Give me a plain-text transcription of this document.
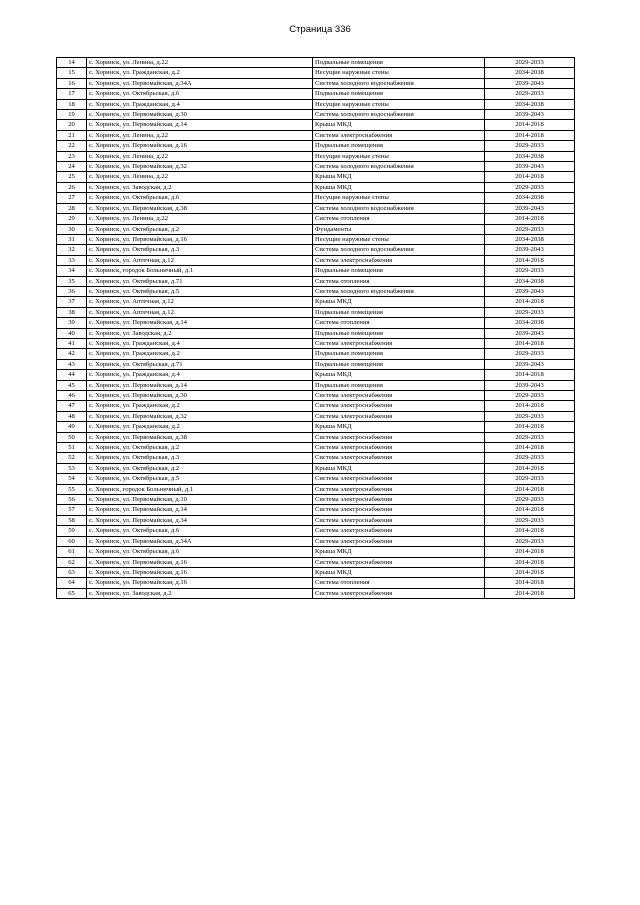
Страница 336
14	с. Хоринск, ул. Ленина, д.22	Подвальные помещения	2029-2033
15	с. Хоринск, ул. Гражданская, д.2	Несущие наружные стены	2034-2038
16	с. Хоринск, ул. Первомайская, д.34А	Система холодного водоснабжения	2039-2043
17	с. Хоринск, ул. Октябрьская, д.6	Подвальные помещения	2029-2033
18	с. Хоринск, ул. Гражданская, д.4	Несущие наружные стены	2034-2038
19	с. Хоринск, ул. Первомайская, д.30	Система холодного водоснабжения	2039-2043
20	с. Хоринск, ул. Первомайская, д.14	Крыша МКД	2014-2018
21	с. Хоринск, ул. Ленина, д.22	Система электроснабжения	2014-2018
22	с. Хоринск, ул. Первомайская, д.16	Подвальные помещения	2029-2033
23	с. Хоринск, ул. Ленина, д.22	Несущие наружные стены	2034-2038
24	с. Хоринск, ул. Первомайская, д.32	Система холодного водоснабжения	2039-2043
25	с. Хоринск, ул. Ленина, д.22	Крыша МКД	2014-2018
26	с. Хоринск, ул. Заводская, д.2	Крыша МКД	2029-2033
27	с. Хоринск, ул. Октябрьская, д.6	Несущие наружные стены	2034-2038
28	с. Хоринск, ул. Первомайская, д.38	Система холодного водоснабжения	2039-2043
29	с. Хоринск, ул. Ленина, д.22	Система отопления	2014-2018
30	с. Хоринск, ул. Октябрьская, д.2	Фундаменты	2029-2033
31	с. Хоринск, ул. Первомайская, д.16	Несущие наружные стены	2034-2038
32	с. Хоринск, ул. Октябрьская, д.3	Система холодного водоснабжения	2039-2043
33	с. Хоринск, ул. Аптечная, д.12	Система электроснабжения	2014-2018
34	с. Хоринск, городок Больничный, д.1	Подвальные помещения	2029-2033
35	с. Хоринск, ул. Октябрьская, д.71	Система отопления	2034-2038
36	с. Хоринск, ул. Октябрьская, д.5	Система холодного водоснабжения	2039-2043
37	с. Хоринск, ул. Аптечная, д.12	Крыша МКД	2014-2018
38	с. Хоринск, ул. Аптечная, д.12	Подвальные помещения	2029-2033
39	с. Хоринск, ул. Первомайская, д.14	Система отопления	2034-2038
40	с. Хоринск, ул. Заводская, д.2	Подвальные помещения	2039-2043
41	с. Хоринск, ул. Гражданская, д.4	Система электроснабжения	2014-2018
42	с. Хоринск, ул. Гражданская, д.2	Подвальные помещения	2029-2033
43	с. Хоринск, ул. Октябрьская, д.71	Подвальные помещения	2039-2043
44	с. Хоринск, ул. Гражданская, д.4	Крыша МКД	2014-2018
45	с. Хоринск, ул. Первомайская, д.14	Подвальные помещения	2039-2043
46	с. Хоринск, ул. Первомайская, д.30	Система электроснабжения	2029-2033
47	с. Хоринск, ул. Гражданская, д.2	Система электроснабжения	2014-2018
48	с. Хоринск, ул. Первомайская, д.32	Система электроснабжения	2029-2033
49	с. Хоринск, ул. Гражданская, д.2	Крыша МКД	2014-2018
50	с. Хоринск, ул. Первомайская, д.38	Система электроснабжения	2029-2033
51	с. Хоринск, ул. Октябрьская, д.2	Система электроснабжения	2014-2018
52	с. Хоринск, ул. Октябрьская, д.3	Система электроснабжения	2029-2033
53	с. Хоринск, ул. Октябрьская, д.2	Крыша МКД	2014-2018
54	с. Хоринск, ул. Октябрьская, д.5	Система электроснабжения	2029-2033
55	с. Хоринск, городок Больничный, д.1	Система электроснабжения	2014-2018
56	с. Хоринск, ул. Первомайская, д.10	Система электроснабжения	2029-2033
57	с. Хоринск, ул. Первомайская, д.14	Система электроснабжения	2014-2018
58	с. Хоринск, ул. Первомайская, д.34	Система электроснабжения	2029-2033
59	с. Хоринск, ул. Октябрьская, д.6	Система электроснабжения	2014-2018
60	с. Хоринск, ул. Первомайская, д.34А	Система электроснабжения	2029-2033
61	с. Хоринск, ул. Октябрьская, д.6	Крыша МКД	2014-2018
62	с. Хоринск, ул. Первомайская, д.16	Система электроснабжения	2014-2018
63	с. Хоринск, ул. Первомайская, д.16	Крыша МКД	2014-2018
64	с. Хоринск, ул. Первомайская, д.16	Система отопления	2014-2018
65	с. Хоринск, ул. Заводская, д.2	Система электроснабжения	2014-2018
